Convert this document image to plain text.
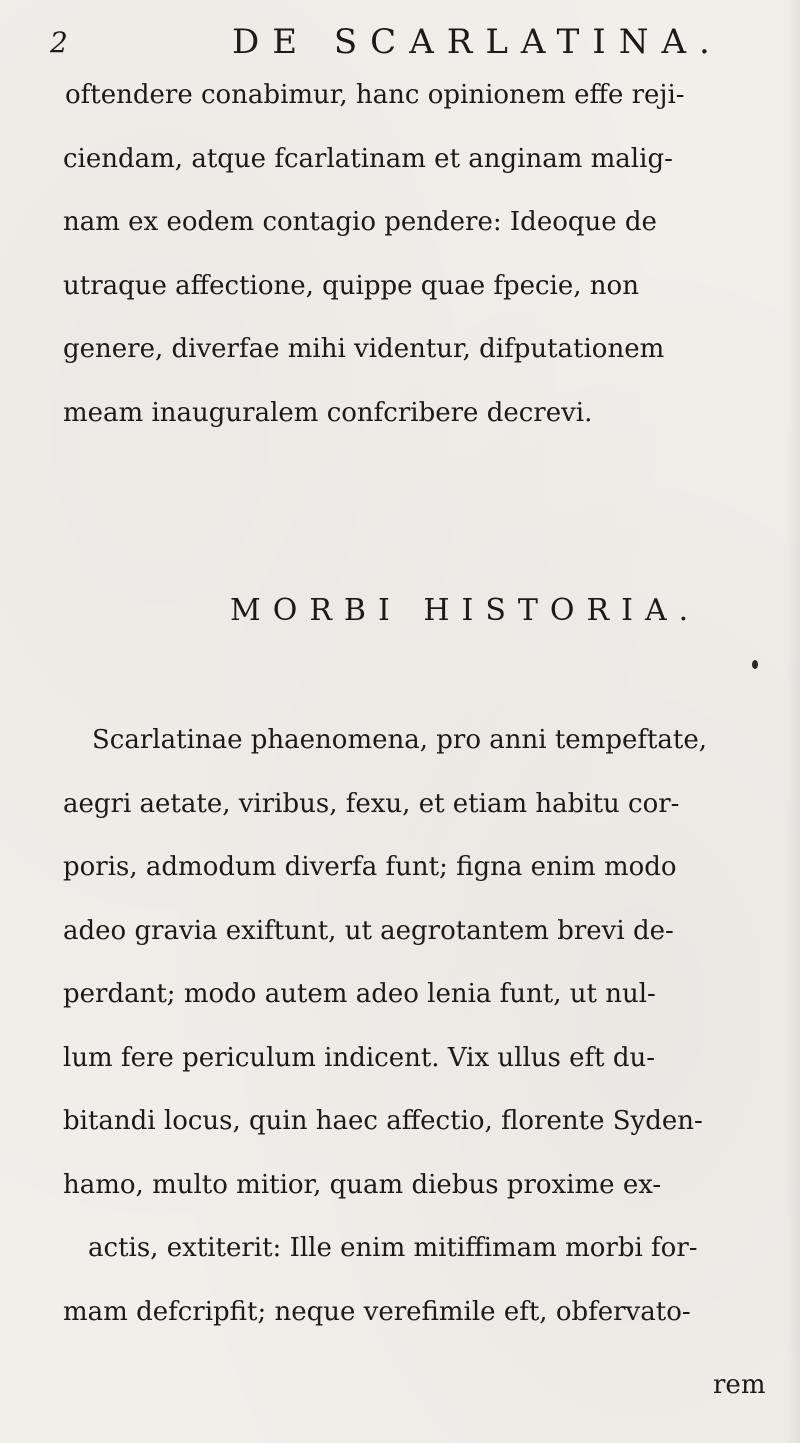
2	DE SCARLATINA.
oftendere conabimur, hanc opinionem effe reji-
ciendam, atque fcarlatinam et anginam malig-
nam ex eodem contagio pendere: Ideoque de
utraque affectione, quippe quae fpecie, non
genere, diverfae mihi videntur, difputationem
meam inauguralem confcribere decrevi.
MORBI HISTORIA.
Scarlatinae phaenomena, pro anni tempeftate,
aegri aetate, viribus, fexu, et etiam habitu cor-
poris, admodum diverfa funt; figna enim modo
adeo gravia exiftunt, ut aegrotantem brevi de-
perdant; modo autem adeo lenia funt, ut nul-
lum fere periculum indicent. Vix ullus eft du-
bitandi locus, quin haec affectio, florente Syden-
hamo, multo mitior, quam diebus proxime ex-
actis, extiterit: Ille enim mitiffimam morbi for-
mam defcripfit; neque verefimile eft, obfervato-
rem
